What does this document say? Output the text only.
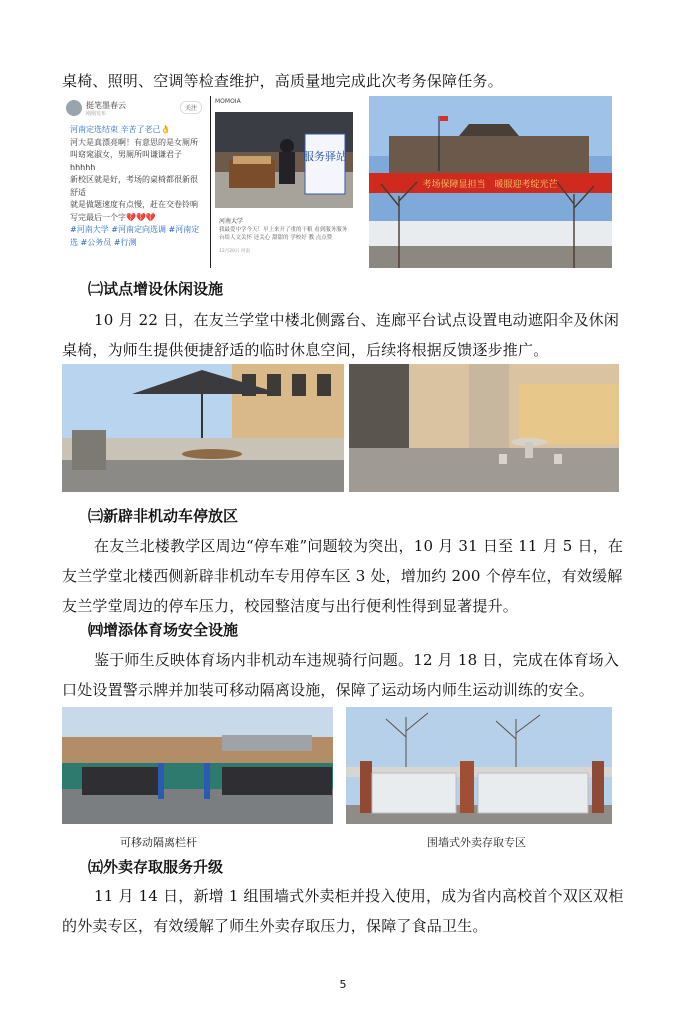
桌椅、照明、空调等检查维护，高质量地完成此次考务保障任务。
挺笔墨春云
刚刚发布
关注
河南定选结束 辛苦了老己👌
河大是真漂亮啊！有意思的是女厕所叫窈窕淑女，男厕所叫谦谦君子
hhhhh
新校区就是好，考场的桌椅都很新很舒适
就是做题速度有点慢，赶在交卷铃响写完最后一个字💔💔💔
#河南大学 #河南定向选调 #河南定选 #公务员 #行测
MOMOIA
服务驿站
河南大学
我最爱中学今天！早上来开了重的干粮 看到服务服务台给人文关怀 还关心 甜甜的 学校好 教 点点赞
12月20日 河南
考场保障显担当　暖服迎考绽光芒
㈡试点增设休闲设施
10 月 22 日，在友兰学堂中楼北侧露台、连廊平台试点设置电动遮阳伞及休闲桌椅，为师生提供便捷舒适的临时休息空间，后续将根据反馈逐步推广。
㈢新辟非机动车停放区
在友兰北楼教学区周边“停车难”问题较为突出，10 月 31 日至 11 月 5 日，在友兰学堂北楼西侧新辟非机动车专用停车区 3 处，增加约 200 个停车位，有效缓解友兰学堂周边的停车压力，校园整洁度与出行便利性得到显著提升。
㈣增添体育场安全设施
鉴于师生反映体育场内非机动车违规骑行问题。12 月 18 日，完成在体育场入口处设置警示牌并加装可移动隔离设施，保障了运动场内师生运动训练的安全。
可移动隔离栏杆	围墙式外卖存取专区
㈤外卖存取服务升级
11 月 14 日，新增 1 组围墙式外卖柜并投入使用，成为省内高校首个双区双柜的外卖专区，有效缓解了师生外卖存取压力，保障了食品卫生。
5
